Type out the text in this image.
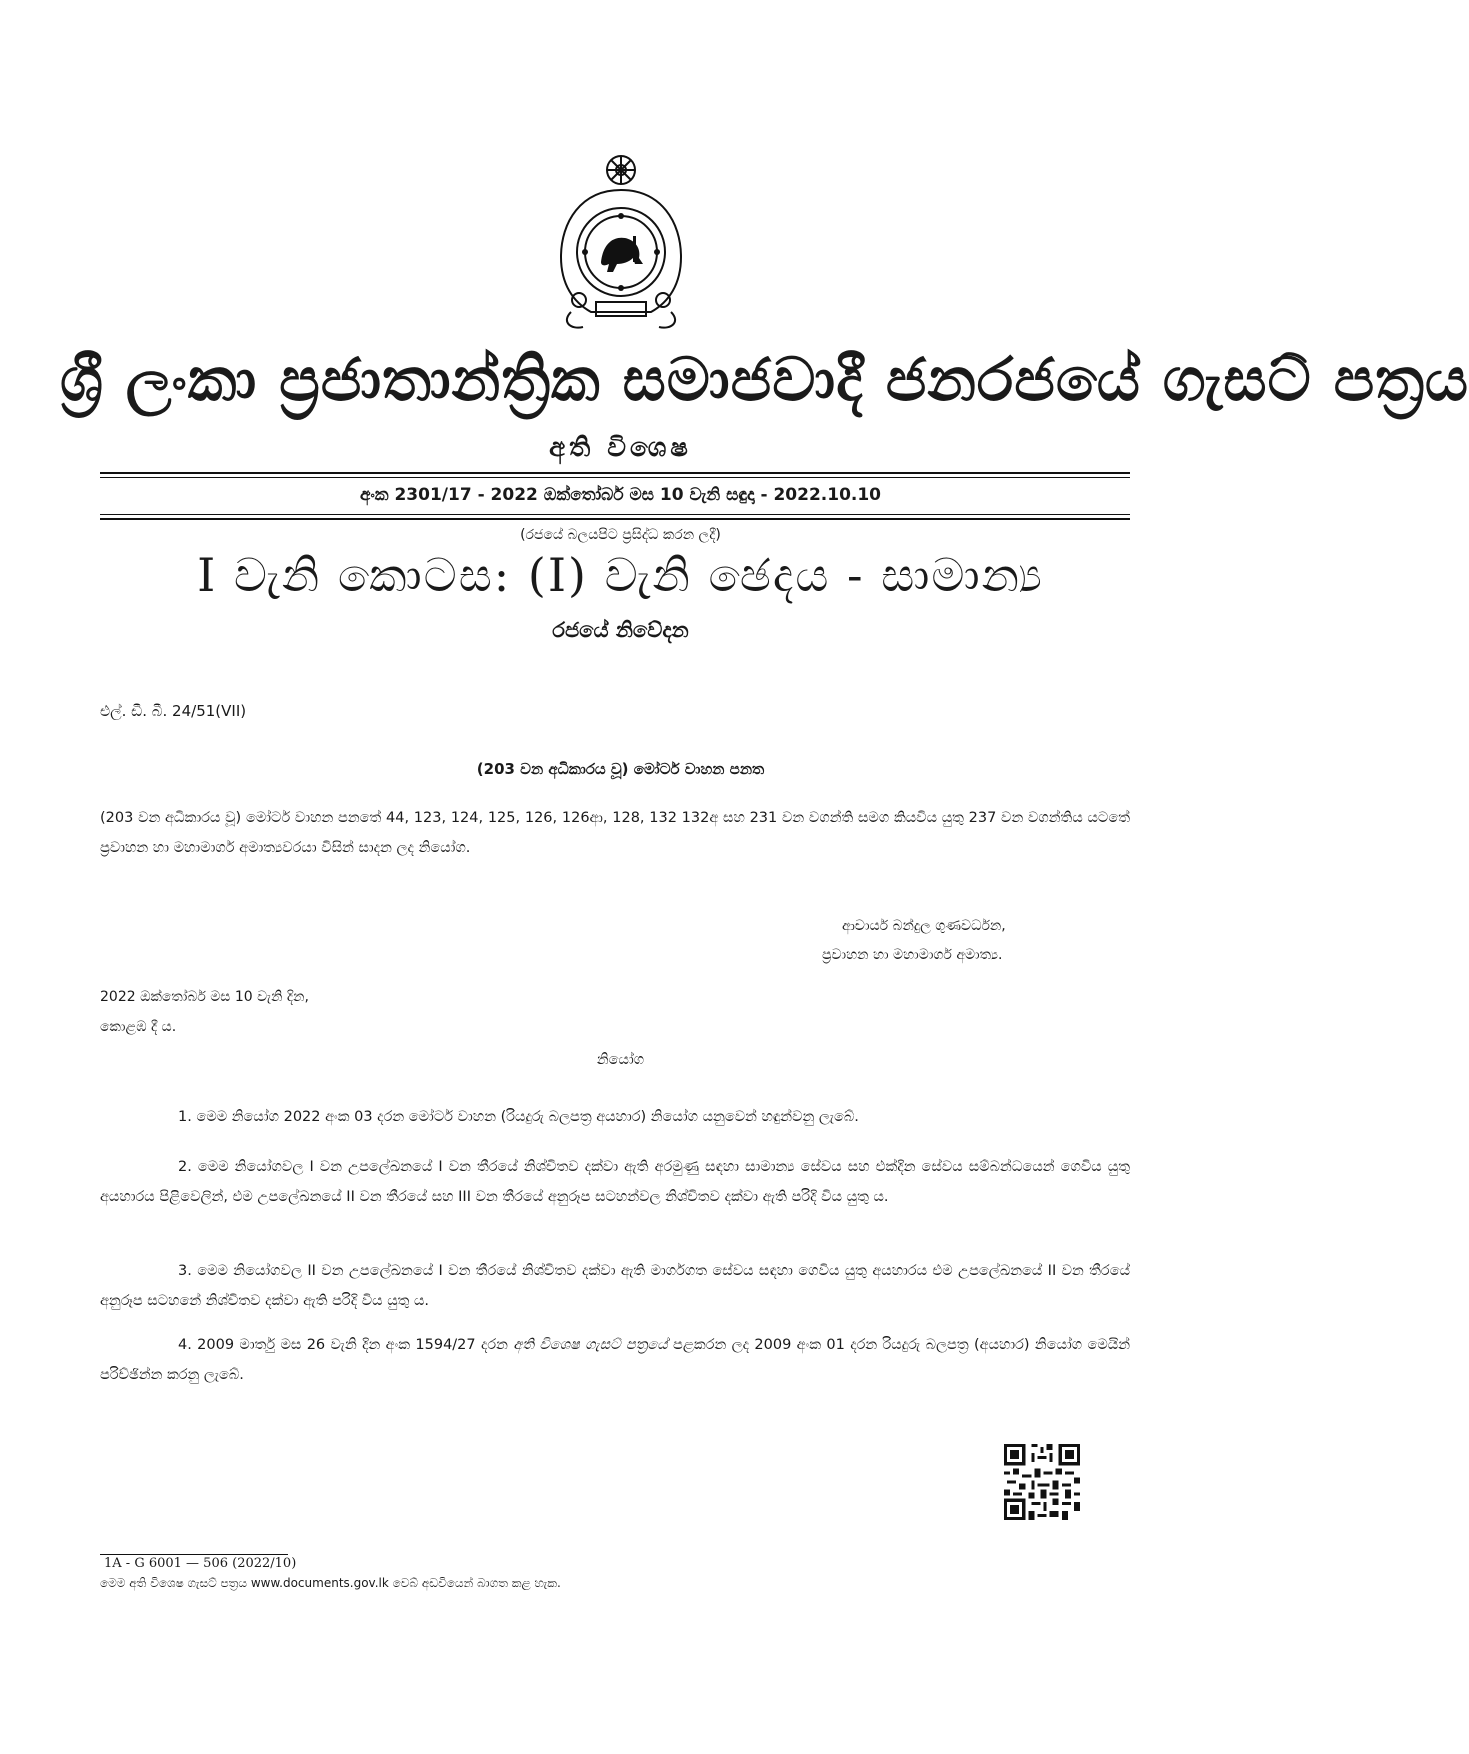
ශ්‍රී ලංකා ප්‍රජාතාන්ත්‍රික සමාජවාදී ජනරජයේ ගැසට් පත්‍රය
අති විශෙෂ
අංක 2301/17 - 2022 ඔක්තෝබර් මස 10 වැනි සඳුදා - 2022.10.10
(රජයේ බලයපිට ප්‍රසිද්ධ කරන ලදී)
I වැනි කොටස: (I) වැනි ඡෙදය - සාමාන්‍ය
රජයේ නිවේදන
එල්. ඩී. බී. 24/51(VII)
(203 වන අධිකාරය වූ) මෝටර් වාහන පනත
(203 වන අධිකාරය වූ) මෝටර් වාහන පනතේ 44, 123, 124, 125, 126, 126ආ, 128, 132 132අ සහ 231 වන වගන්ති සමග කියවිය යුතු 237 වන වගන්තිය යටතේ ප්‍රවාහන හා මහාමාර්ග අමාත්‍යවරයා විසින් සාදන ලද නියෝග.
ආචාර්ය බන්දුල ගුණවර්ධන,
ප්‍රවාහන හා මහාමාර්ග අමාත්‍ය.
2022 ඔක්තෝබර් මස 10 වැනි දින,
කොළඹ දී ය.
නියෝග
1. මෙම නියෝග 2022 අංක 03 දරන මෝටර් වාහන (රියදුරු බලපත්‍ර අයහාර) නියෝග යනුවෙන් හඳුන්වනු ලැබේ.
2. මෙම නියෝගවල I වන උපලේඛනයේ I වන තීරයේ නිශ්චිතව දක්වා ඇති අරමුණු සඳහා සාමාන්‍ය සේවය සහ එක්දින සේවය සම්බන්ධයෙන් ගෙවිය යුතු අයහාරය පිළිවෙලින්, එම උපලේඛනයේ II වන තීරයේ සහ III වන තීරයේ අනුරූප සටහන්වල නිශ්චිතව දක්වා ඇති පරිදි විය යුතු ය.
3. මෙම නියෝගවල II වන උපලේඛනයේ I වන තීරයේ නිශ්චිතව දක්වා ඇති මාර්ගගත සේවය සඳහා ගෙවිය යුතු අයහාරය එම උපලේඛනයේ II වන තීරයේ අනුරූප සටහනේ නිශ්චිතව දක්වා ඇති පරිදි විය යුතු ය.
4. 2009 මාර්තු මස 26 වැනි දින අංක 1594/27 දරන අති විශෙෂ ගැසට් පත්‍රයේ පළකරන ලද 2009 අංක 01 දරන රියදුරු බලපත්‍ර (අයහාර) නියෝග මෙයින් පරිච්ඡින්න කරනු ලැබේ.
1A - G 6001 — 506 (2022/10)
මෙම අති විශෙෂ ගැසට් පත්‍රය www.documents.gov.lk වෙබ් අඩවියෙන් බාගත කළ හැක.
